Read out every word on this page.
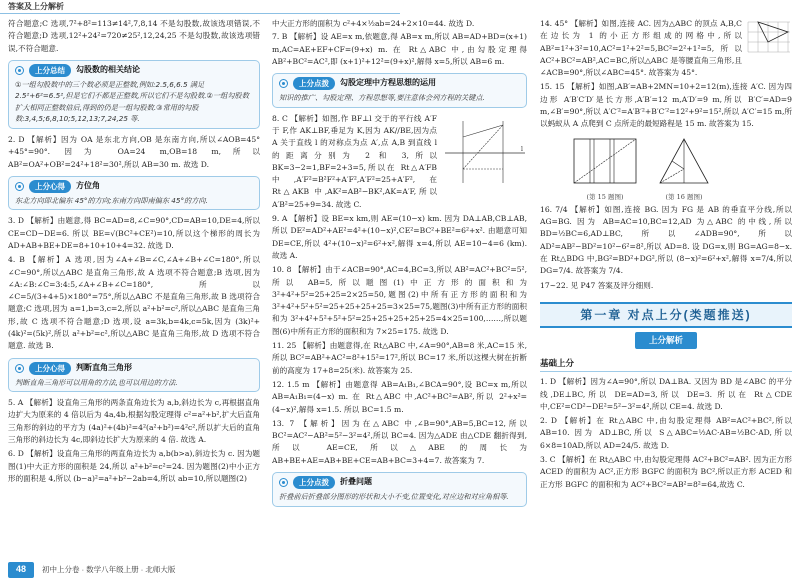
答案及上分解析
符合题意;C 选项,7²+8²=113≠14²,7,8,14 不是勾股数,故该选项错误,不符合题意;D 选项,12²+24²=720≠25²,12,24,25 不是勾股数,故该选项错误,不符合题意.
上分总结	勾股数的相关结论
①一组勾股数中的三个数必须是正整数,例如:2.5,6,6.5 满足 2.5²+6²=6.5²,但是它们不都是正整数,所以它们不是勾股数.②一组勾股数扩大相同正整数倍后,得到的仍是一组勾股数.③常用的勾股数:3,4,5;6,8,10;5,12,13;7,24,25 等.
2. D 【解析】因为 OA 是东北方向,OB 是东南方向,所以∠AOB=45°+45°=90°. 因为 OA=24 m,OB=18 m,所以 AB²=OA²+OB²=24²+18²=30²,所以 AB=30 m. 故选 D.
上分心得	方位角
东北方向即北偏东 45°的方向;东南方向即南偏东 45°的方向.
3. D 【解析】由题意,得 BC=AD=8,∠C=90°,CD=AB=10,DE=4,所以 CE=CD−DE=6. 所以 BE=√(BC²+CE²)=10,所以这个梯形的周长为 AD+AB+BE+DE=8+10+10+4=32. 故选 D.
4. B 【解析】A 选项,因为∠A+∠B=∠C,∠A+∠B+∠C=180°,所以∠C=90°,所以△ABC 是直角三角形,故 A 选项不符合题意;B 选项,因为∠A:∠B:∠C=3:4:5,∠A+∠B+∠C=180°,所以∠C=5/(3+4+5)×180°=75°,所以△ABC 不是直角三角形,故 B 选项符合题意;C 选项,因为 a=1,b=3,c=2,所以 a²+b²=c²,所以△ABC 是直角三角形,故 C 选项不符合题意;D 选项,设 a=3k,b=4k,c=5k,因为 (3k)²+(4k)²=(5k)²,所以 a²+b²=c²,所以△ABC 是直角三角形,故 D 选项不符合题意. 故选 B.
上分心得	判断直角三角形
判断直角三角形可以用角的方法,也可以用边的方法.
5. A 【解析】设直角三角形的两条直角边长为 a,b,斜边长为 c,再根据直角边扩大为原来的 4 倍以后为 4a,4b,根据勾股定理得 c²=a²+b²,扩大后直角三角形的斜边的平方为 (4a)²+(4b)²=4²(a²+b²)=4²c²,所以扩大后的直角三角形的斜边长为 4c,即斜边长扩大为原来的 4 倍. 故选 A.
6. D 【解析】设直角三角形的两直角边长为 a,b(b>a),斜边长为 c. 因为题图(1)中大正方形的面积是 24,所以 a²+b²=c²=24. 因为题图(2)中小正方形的面积是 4,所以 (b−a)²=a²+b²−2ab=4,所以 ab=10,所以题图(2)
中大正方形的面积为 c²+4×½ab=24+2×10=44. 故选 D.
7. B 【解析】设 AE=x m,依题意,得 AB=x m,所以 AB=AD+BD=(x+1) m,AC=AE+EF+CF=(9+x) m. 在 Rt△ABC 中,由勾股定理得 AB²+BC²=AC²,即 (x+1)²+12²=(9+x)²,解得 x=5,所以 AB=6 m.
上分点拨	勾股定理中方程思想的运用
知识的推广、勾股定理、方程思想等,要注意体会列方程的关键点.
l
8. C 【解析】如图,作 BF⊥l 交于的平行线 A′F 于 F,作 AK⊥BF,垂足为 K,因为 AK//BE,因为点 A 关于直线 l 的对称点为点 A′,点 A,B 到直线 l 的距离分别为 2 和 3,所以 BK=3−2=1,BF=2+3=5,所以在 Rt△A′FB 中,A′F²=B²F²+A′F²,A′F²=25+A′F²,在 Rt△AKB 中,AK²=AB²−BK²,AK=A′F,所以 A′B²=25+9=34. 故选 C.
9. A 【解析】设 BE=x km,则 AE=(10−x) km. 因为 DA⊥AB,CB⊥AB,所以 DE²=AD²+AE²=4²+(10−x)²,CE²=BC²+BE²=6²+x². 由题意可知 DE=CE,所以 4²+(10−x)²=6²+x²,解得 x=4,所以 AE=10−4=6 (km). 故选 A.
10. 8 【解析】由于∠ACB=90°,AC=4,BC=3,所以 AB²=AC²+BC²=5²,所以 AB=5,所以题图(1)中正方形的面积和为 3²+4²+5²=25+25=2×25=50,题图(2)中所有正方形的面积和为 3²+4²+5²+5²=25+25+25+25=3×25=75,题图(3)中所有正方形的面积和为 3²+4²+5²+5²+5²=25+25+25+25+25=4×25=100,……,所以题图(6)中所有正方形的面积和为 7×25=175. 故选 D.
11. 25 【解析】由题意得,在 Rt△ABC 中,∠A=90°,AB=8 米,AC=15 米,所以 BC²=AB²+AC²=8²+15²=17²,所以 BC=17 米,所以这棵大树在折断前的高度为 17+8=25(米). 故答案为 25.
12. 1.5 m 【解析】由题意得 AB=A₁B₁,∠BCA=90°,设 BC=x m,所以 AB=A₁B₁=(4−x) m. 在 Rt△ABC 中,AC²+BC²=AB²,所以 2²+x²=(4−x)²,解得 x=1.5. 所以 BC=1.5 m.
13. 7 【解析】因为在△ABC 中,∠B=90°,AB=5,BC=12,所以 BC²=AC²−AB²=5²−3²=4²,所以 BC=4. 因为△ADE 由△CDE 翻折得到,所以 AE=CE,所以△ABE 的周长为 AB+BE+AE=AB+BE+CE=AB+BC=3+4=7. 故答案为 7.
上分点拨	折叠问题
折叠前后折叠部分图形的形状和大小不变,位置变化,对应边和对应角相等.
14. 45° 【解析】如图,连接 AC. 因为△ABC 的顶点 A,B,C 在边长为 1 的小正方形组成的网格中,所以 AB²=1²+3²=10,AC²=1²+2²=5,BC²=2²+1²=5,所以 AC²+BC²=AB²,AC=BC,所以△ABC 是等腰直角三角形,且∠ACB=90°,所以∠ABC=45°. 故答案为 45°.
15. 15 【解析】如图,AB′=AB+2MN=10+2=12(m),连接 A′C. 因为四边形 A′B′C′D′是长方形,A′B′=12 m,A′D′=9 m,所以 B′C′=AD=9 m,∠B′=90°,所以 A′C′²=A′B′²+B′C′²=12²+9²=15²,所以 A′C′=15 m,所以蚂蚁从 A 点爬到 C 点所走的最短路程是 15 m. 故答案为 15.
(第 15 题图)	(第 16 题图)
16. 7/4 【解析】如图,连接 BG. 因为 FG 是 AB 的垂直平分线,所以 AG=BG. 因为 AB=AC=10,BC=12,AD 为△ABC 的中线,所以 BD=½BC=6,AD⊥BC,所以∠ADB=90°,所以 AD²=AB²−BD²=10²−6²=8²,所以 AD=8. 设 DG=x,则 BG=AG=8−x. 在 Rt△BDG 中,BG²=BD²+DG²,所以 (8−x)²=6²+x²,解得 x=7/4,所以 DG=7/4. 故答案为 7/4.
17~22. 见 P47 答案及评分细则.
第一章 对点上分(类题推送)
上分解析
基础上分
1. D 【解析】因为∠A=90°,所以 DA⊥BA. 又因为 BD 是∠ABC 的平分线,DE⊥BC,所以 DE=AD=3,所以 DE=3. 所以在 Rt△CDE 中,CE²=CD²−DE²=5²−3²=4²,所以 CE=4. 故选 D.
2. D 【解析】在 Rt△ABC 中,由勾股定理得 AB²=AC²+BC²,所以 AB=10. 因为 AD⊥BC,所以 S△ABC=½AC·AB=½BC·AD,所以 6×8=10AD,所以 AD=24/5. 故选 D.
3. C 【解析】在 Rt△ABC 中,由勾股定理得 AC²+BC²=AB². 因为正方形 ACED 的面积为 AC²,正方形 BGFC 的面积为 BC²,所以正方形 ACED 和正方形 BGFC 的面积和为 AC²+BC²=AB²=8²=64,故选 C.
48	初中上分卷 · 数学八年级上册 · 北师大版
